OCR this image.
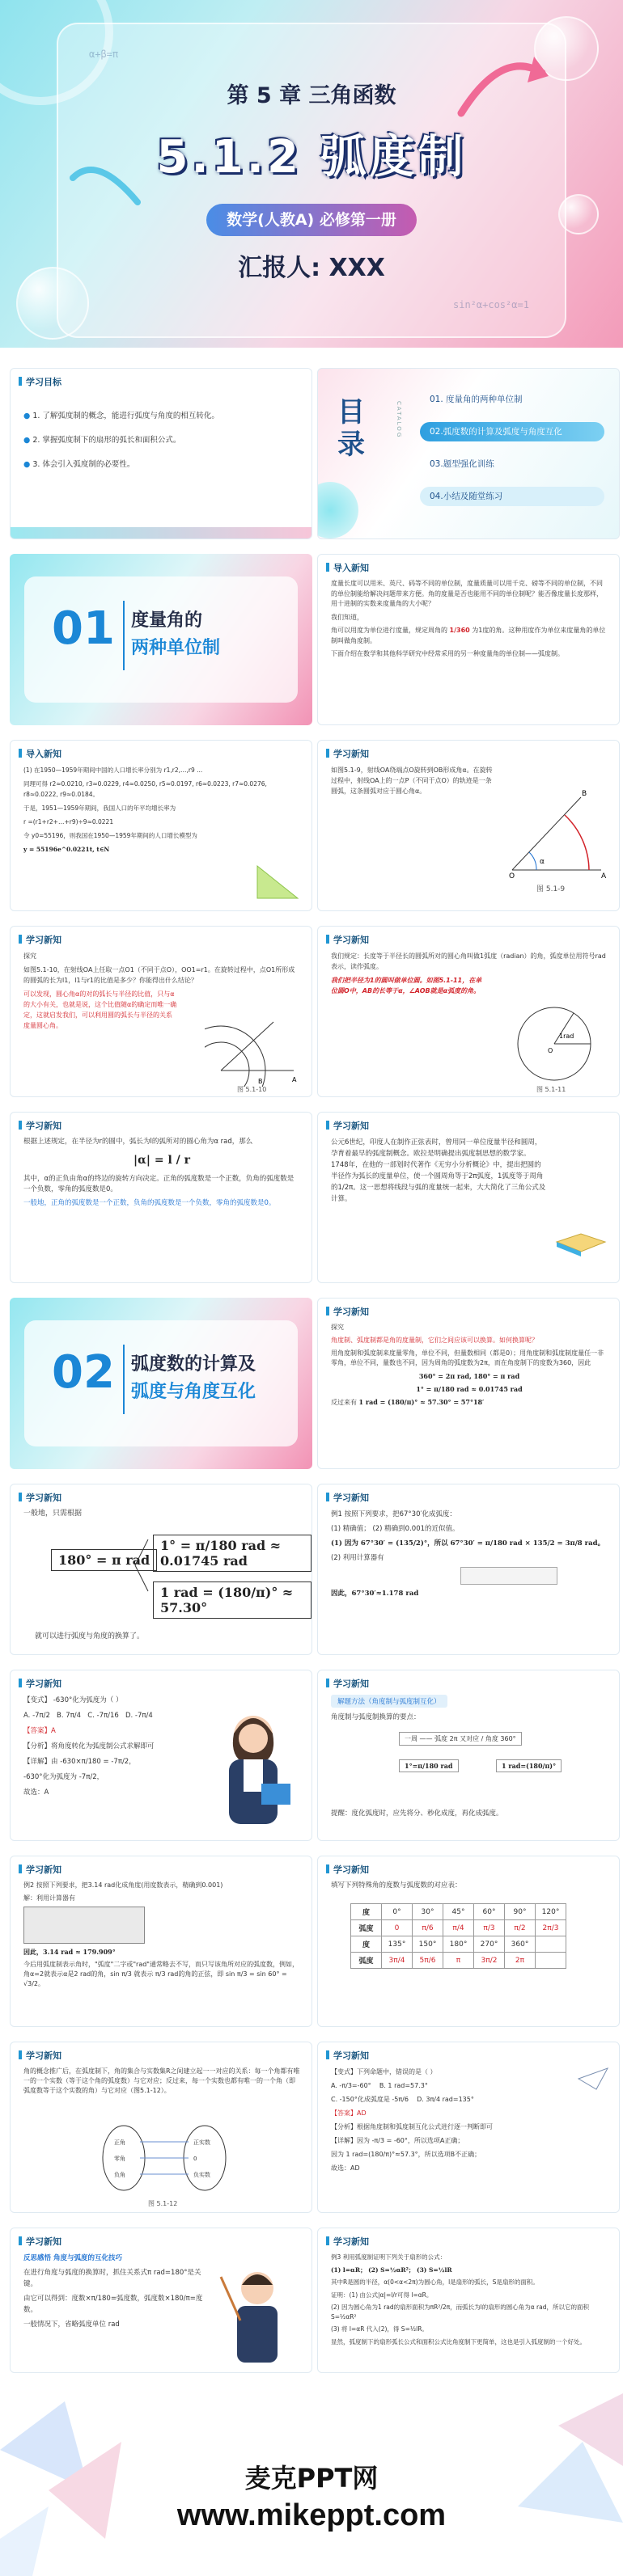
α+β=π
sin²α+cos²α=1
第 5 章 三角函数
5.1.2 弧度制
数学(人教A) 必修第一册
汇报人: XXX
学习目标

● 1. 了解弧度制的概念，能进行弧度与角度的相互转化。

● 2. 掌握弧度制下的扇形的弧长和面积公式。

● 3. 体会引入弧度制的必要性。

目录
CATALOG
01. 度量角的两种单位制
02.弧度数的计算及弧度与角度互化
03.题型强化训练
04.小结及随堂练习
01 度量角的
两种单位制
导入新知

度量长度可以用米、英尺、码等不同的单位制，度量质量可以用千克、磅等不同的单位制，不同的单位制能给解决问题带来方便。角的度量是否也能用不同的单位制呢？能否像度量长度那样，用十进制的实数来度量角的大小呢？

我们知道，

角可以用度为单位进行度量，规定周角的 1/360 为1度的角。这种用度作为单位来度量角的单位制叫做角度制。

下面介绍在数学和其他科学研究中经常采用的另一种度量角的单位制——弧度制。

导入新知

(1) 在1950—1959年期间中国的人口增长率分别为 r1,r2,…,r9 ...

同理可得 r2≈0.0210, r3≈0.0229, r4≈0.0250, r5≈0.0197, r6≈0.0223, r7≈0.0276, r8≈0.0222, r9≈0.0184。

于是，1951—1959年期间，我国人口的年平均增长率为

r =(r1+r2+…+r9)÷9≈0.0221

令 y0=55196，则我国在1950—1959年期间的人口增长模型为

y = 55196e^0.0221t, t∈N

学习新知

如图5.1-9，射线OA绕端点O旋转到OB形成角α。在旋转过程中，射线OA上的一点P（不同于点O）的轨迹是一条圆弧，这条圆弧对应于圆心角α。

O	A
B
α
图 5.1-9
学习新知

探究

如图5.1-10，在射线OA上任取一点O1（不同于点O），OO1=r1。在旋转过程中，点O1所形成的圆弧的长为l1，l1与r1的比值是多少？你能得出什么结论？

可以发现，圆心角α的对的弧长与半径的比值，只与α的大小有关，也就是说，这个比值随α的确定而唯一确定，这就启发我们，可以利用圆的弧长与半径的关系度量圆心角。

B	A
图 5.1-10
学习新知

我们规定：长度等于半径长的圆弧所对的圆心角叫做1弧度（radian）的角，弧度单位用符号rad表示，读作弧度。

我们把半径为1的圆叫做单位圆。如图5.1-11，在单位圆O中，AB的长等于α，∠AOB就是α弧度的角。

1rad
O
图 5.1-11
学习新知

根据上述规定，在半径为r的圆中，弧长为l的弧所对的圆心角为α rad，那么

|α| = l / r

其中，α的正负由角α的终边的旋转方向决定。正角的弧度数是一个正数，负角的弧度数是一个负数，零角的弧度数是0。

一般地，正角的弧度数是一个正数，负角的弧度数是一个负数，零角的弧度数是0。

学习新知

公元6世纪，印度人在制作正弦表时，曾用同一单位度量半径和圆周，孕育着最早的弧度制概念。欧拉是明确提出弧度制思想的数学家。1748年，在他的一部划时代著作《无穷小分析概论》中，提出把圆的半径作为弧长的度量单位，使一个圆周角等于2π弧度，1弧度等于周角的1/2π。这一思想将线段与弧的度量统一起来，大大简化了三角公式及计算。

02 弧度数的计算及
弧度与角度互化
学习新知

探究

角度制、弧度制都是角的度量制，它们之间应该可以换算。如何换算呢？

用角度制和弧度制来度量零角，单位不同，但量数相同（都是0）；用角度制和弧度制度量任一非零角，单位不同，量数也不同，因为周角的弧度数为2π，而在角度制下的度数为360，因此

360° = 2π rad, 180° = π rad

1° = π/180 rad ≈ 0.01745 rad

反过来有 1 rad = (180/π)° ≈ 57.30° = 57°18′

学习新知

一般地，只需根据

180° = π rad
1° = π/180 rad ≈ 0.01745 rad
1 rad = (180/π)° ≈ 57.30°
就可以进行弧度与角度的换算了。
学习新知

例1 按照下列要求，把67°30′化成弧度：

(1) 精确值； (2) 精确到0.001的近似值。

(1) 因为 67°30′ = (135/2)°，所以 67°30′ = π/180 rad × 135/2 = 3π/8 rad。

(2) 利用计算器有

因此，67°30′≈1.178 rad

学习新知

【变式】 -630°化为弧度为（ ）

A. -7π/2 B. 7π/4 C. -7π/16 D. -7π/4

【答案】A

【分析】将角度转化为弧度制公式求解即可

【详解】由 -630×π/180 = -7π/2，

-630°化为弧度为 -7π/2，

故选：A

学习新知
解题方法（角度制与弧度制互化）

角度制与弧度制换算的要点：

一周 —— 弧度 2π 又对应 / 角度 360°
1°=π/180 rad	1 rad=(180/π)°
提醒：度化弧度时，应先将分、秒化成度，再化成弧度。
学习新知

例2 按照下列要求，把3.14 rad化成角度(用度数表示，精确到0.001)

解：利用计算器有

因此，3.14 rad ≈ 179.909°

今后用弧度制表示角时，"弧度"二字或"rad"通常略去不写，而只写该角所对应的弧度数，例如，角α=2就表示α是2 rad的角，sin π/3 就表示 π/3 rad的角的正弦，即 sin π/3 = sin 60° = √3/2。

学习新知

填写下列特殊角的度数与弧度数的对应表：

度	0°	30°	45°	60°	90°	120°
弧度	0	π/6	π/4	π/3	π/2	2π/3
度	135°	150°	180°	270°	360°	
弧度	3π/4	5π/6	π	3π/2	2π	
学习新知

角的概念推广后，在弧度制下，角的集合与实数集R之间建立起一一对应的关系：每一个角都有唯一的一个实数（等于这个角的弧度数）与它对应；反过来，每一个实数也都有唯一的一个角（即弧度数等于这个实数的角）与它对应（图5.1-12）。

正角
零角
负角
正实数
0
负实数
图 5.1-12
学习新知

【变式】下列命题中，错误的是（ ）

A. -π/3=-60° B. 1 rad=57.3°

C. -150°化成弧度是 -5π/6 D. 3π/4 rad=135°

【答案】AD

【分析】根据角度制和弧度制互化公式进行逐一判断即可

【详解】因为 -π/3 = -60°，所以选项A正确；

因为 1 rad=(180/π)°≈57.3°，所以选项B不正确；

故选：AD

学习新知

反思感悟 角度与弧度的互化技巧

在进行角度与弧度的换算时，抓住关系式π rad=180°是关键。

由它可以得到：度数×π/180=弧度数，弧度数×180/π=度数。

一般情况下，省略弧度单位 rad

学习新知

例3 利用弧度制证明下列关于扇形的公式：

(1) l=αR； (2) S=½αR²； (3) S=½lR

其中R是圆的半径，α(0<α<2π)为圆心角，l是扇形的弧长，S是扇形的面积。

证明：(1) 由公式|α|=l/r可得 l=αR。

(2) 因为圆心角为1 rad的扇形面积为πR²/2π，而弧长为l的扇形的圆心角为α rad，所以它的面积 S=½αR²

(3) 将 l=αR 代入(2)，得 S=½lR。

显然，弧度制下的扇形弧长公式和面积公式比角度制下更简单，这也是引入弧度制的一个好处。

麦克PPT网
www.mikeppt.com
